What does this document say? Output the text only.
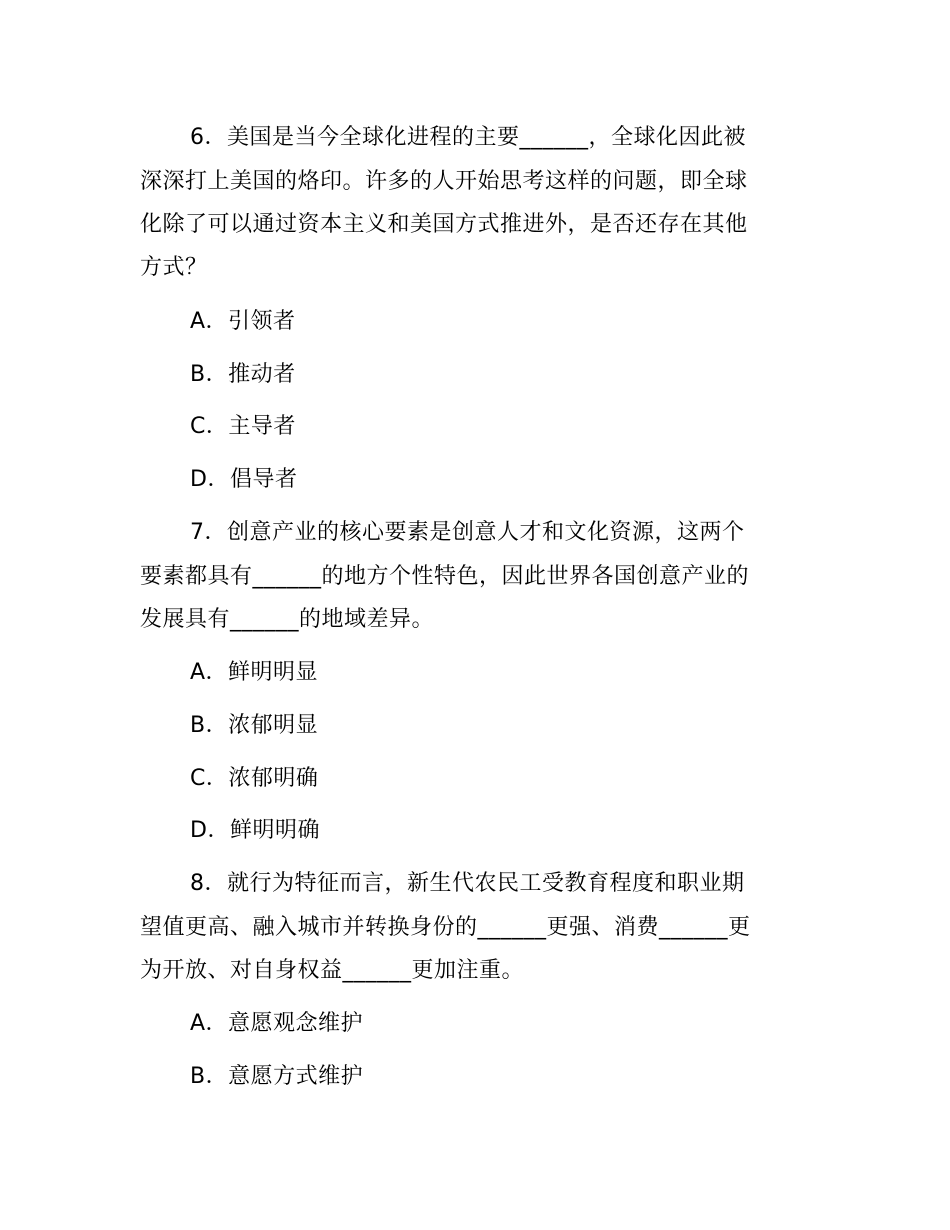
6．美国是当今全球化进程的主要______，全球化因此被
深深打上美国的烙印。许多的人开始思考这样的问题，即全球
化除了可以通过资本主义和美国方式推进外，是否还存在其他
方式？
A．引领者
B．推动者
C．主导者
D．倡导者
7．创意产业的核心要素是创意人才和文化资源，这两个
要素都具有______的地方个性特色，因此世界各国创意产业的
发展具有______的地域差异。
A．鲜明明显
B．浓郁明显
C．浓郁明确
D．鲜明明确
8．就行为特征而言，新生代农民工受教育程度和职业期
望值更高、融入城市并转换身份的______更强、消费______更
为开放、对自身权益______更加注重。
A．意愿观念维护
B．意愿方式维护
